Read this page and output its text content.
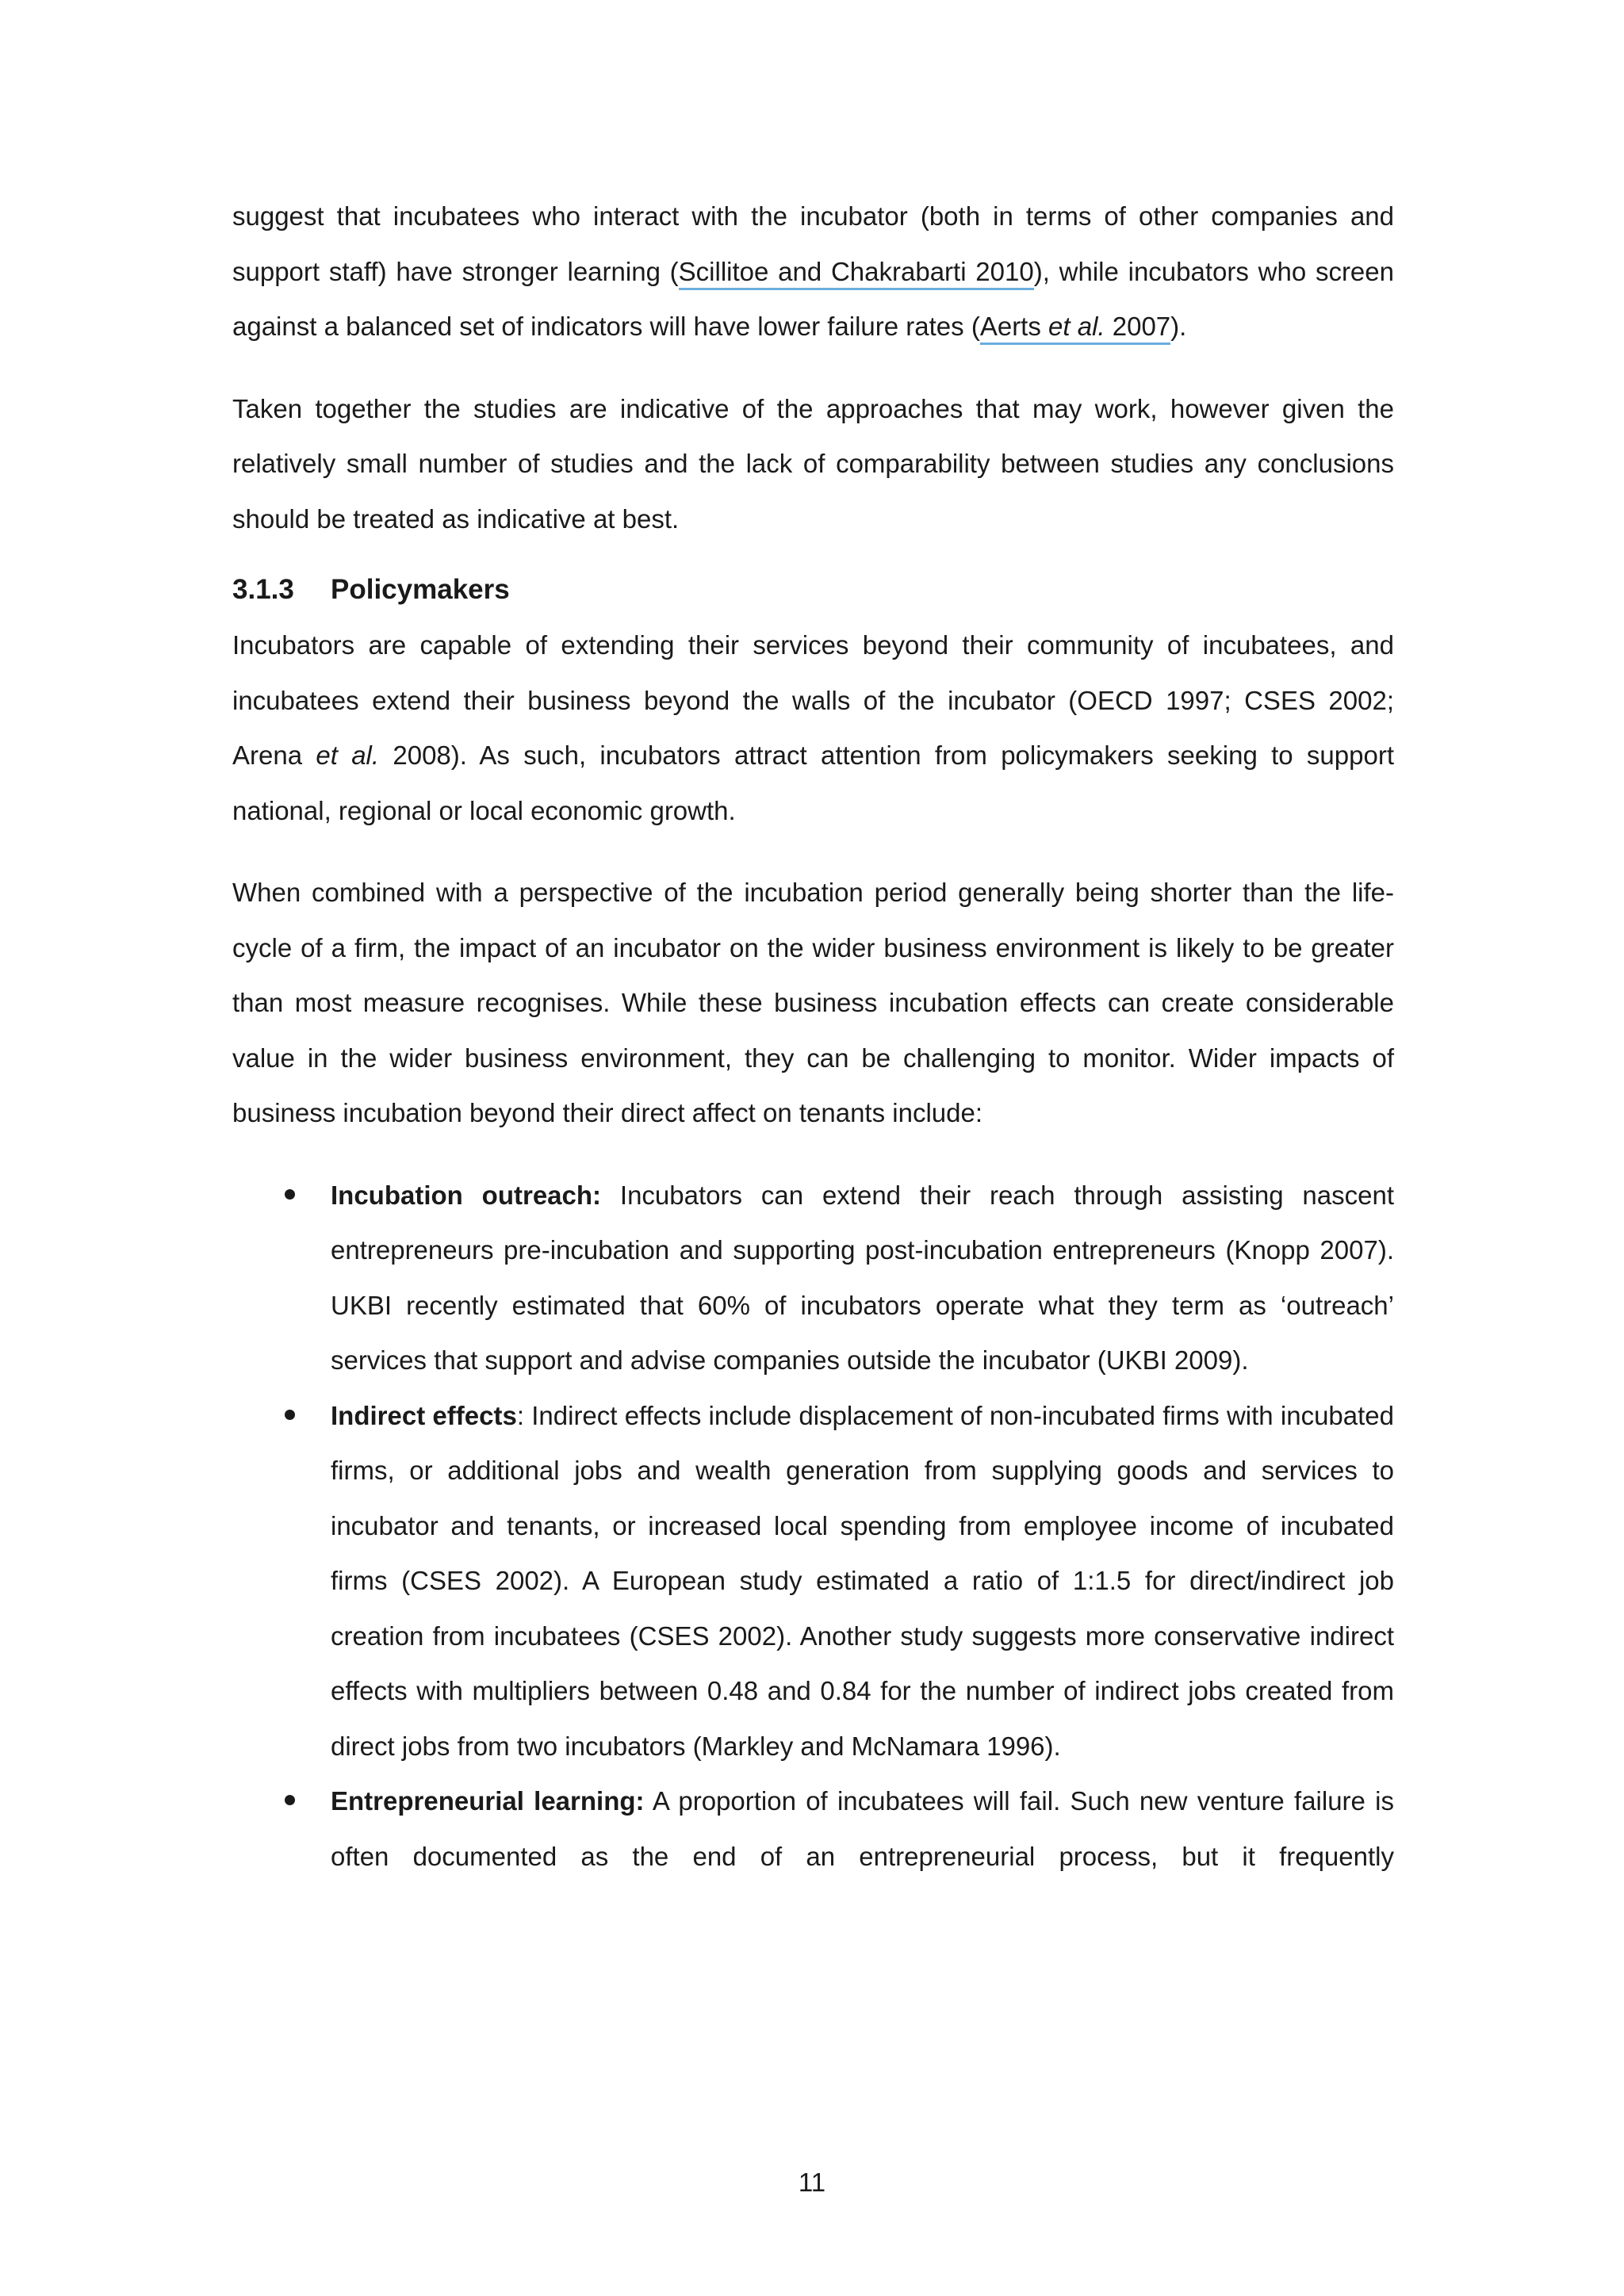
suggest that incubatees who interact with the incubator (both in terms of other companies and support staff) have stronger learning (Scillitoe and Chakrabarti 2010), while incubators who screen against a balanced set of indicators will have lower failure rates (Aerts et al. 2007).

Taken together the studies are indicative of the approaches that may work, however given the relatively small number of studies and the lack of comparability between studies any conclusions should be treated as indicative at best.

3.1.3	Policymakers

Incubators are capable of extending their services beyond their community of incubatees, and incubatees extend their business beyond the walls of the incubator (OECD 1997; CSES 2002; Arena et al. 2008). As such, incubators attract attention from policymakers seeking to support national, regional or local economic growth.

When combined with a perspective of the incubation period generally being shorter than the life-cycle of a firm, the impact of an incubator on the wider business environment is likely to be greater than most measure recognises. While these business incubation effects can create considerable value in the wider business environment, they can be challenging to monitor. Wider impacts of business incubation beyond their direct affect on tenants include:

Incubation outreach: Incubators can extend their reach through assisting nascent entrepreneurs pre-incubation and supporting post-incubation entrepreneurs (Knopp 2007). UKBI recently estimated that 60% of incubators operate what they term as ‘outreach’ services that support and advise companies outside the incubator (UKBI 2009).
Indirect effects: Indirect effects include displacement of non-incubated firms with incubated firms, or additional jobs and wealth generation from supplying goods and services to incubator and tenants, or increased local spending from employee income of incubated firms (CSES 2002). A European study estimated a ratio of 1:1.5 for direct/indirect job creation from incubatees (CSES 2002). Another study suggests more conservative indirect effects with multipliers between 0.48 and 0.84 for the number of indirect jobs created from direct jobs from two incubators (Markley and McNamara 1996).
Entrepreneurial learning: A proportion of incubatees will fail. Such new venture failure is often documented as the end of an entrepreneurial process, but it frequently
11
